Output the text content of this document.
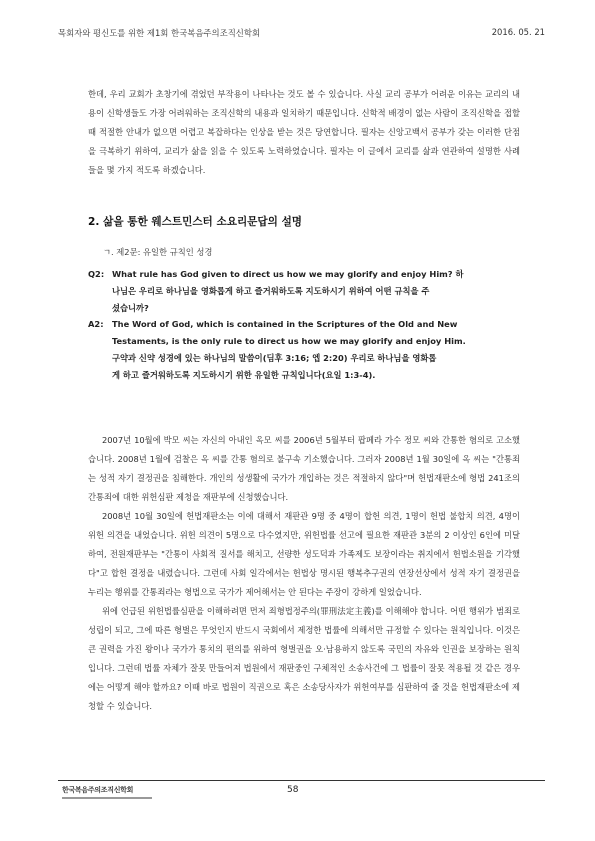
목회자와 평신도를 위한 제1회 한국복음주의조직신학회	2016. 05. 21

한데, 우리 교회가 초창기에 겪었던 부작용이 나타나는 것도 볼 수 있습니다. 사실 교리 공부가 어려운 이유는 교리의 내용이 신학생들도 가장 어려워하는 조직신학의 내용과 일치하기 때문입니다. 신학적 배경이 없는 사람이 조직신학을 접할 때 적절한 안내가 없으면 어렵고 복잡하다는 인상을 받는 것은 당연합니다. 필자는 신앙고백서 공부가 갖는 이러한 단점을 극복하기 위하여, 교리가 삶을 읽을 수 있도록 노력하였습니다. 필자는 이 글에서 교리를 삶과 연관하여 설명한 사례들을 몇 가지 적도록 하겠습니다.

2. 삶을 통한 웨스트민스터 소요리문답의 설명
ㄱ. 제2문: 유일한 규칙인 성경
Q2: What rule has God given to direct us how we may glorify and enjoy Him? 하
나님은 우리로 하나님을 영화롭게 하고 즐거워하도록 지도하시기 위하여 어떤 규칙을 주
셨습니까?
A2:	The Word of God, which is contained in the Scriptures of the Old and New
Testaments, is the only rule to direct us how we may glorify and enjoy Him.
구약과 신약 성경에 있는 하나님의 말씀이(딤후 3:16; 엡 2:20) 우리로 하나님을 영화롭
게 하고 즐거워하도록 지도하시기 위한 유일한 규칙입니다(요일 1:3-4).

2007년 10월에 박모 씨는 자신의 아내인 옥모 씨를 2006년 5월부터 팝페라 가수 정모 씨와 간통한 혐의로 고소했습니다. 2008년 1월에 검찰은 옥 씨를 간통 혐의로 불구속 기소했습니다. 그러자 2008년 1월 30일에 옥 씨는 "간통죄는 성적 자기 결정권을 침해한다. 개인의 성생활에 국가가 개입하는 것은 적절하지 않다"며 헌법재판소에 형법 241조의 간통죄에 대한 위헌심판 제청을 재판부에 신청했습니다.

2008년 10월 30일에 헌법재판소는 이에 대해서 재판관 9명 중 4명이 합헌 의견, 1명이 헌법 불합치 의견, 4명이 위헌 의견을 내었습니다. 위헌 의견이 5명으로 다수였지만, 위헌법률 선고에 필요한 재판관 3분의 2 이상인 6인에 미달하여, 전원재판부는 "간통이 사회적 질서를 해치고, 선량한 성도덕과 가족제도 보장이라는 취지에서 헌법소원을 기각했다"고 합헌 결정을 내렸습니다. 그런데 사회 일각에서는 헌법상 명시된 행복추구권의 연장선상에서 성적 자기 결정권을 누리는 행위를 간통죄라는 형법으로 국가가 제어해서는 안 된다는 주장이 강하게 일었습니다.

위에 언급된 위헌법률심판을 이해하려면 먼저 죄형법정주의(罪刑法定主義)를 이해해야 합니다. 어떤 행위가 범죄로 성립이 되고, 그에 따른 형벌은 무엇인지 반드시 국회에서 제정한 법률에 의해서만 규정할 수 있다는 원칙입니다. 이것은 큰 권력을 가진 왕이나 국가가 통치의 편의를 위하여 형벌권을 오·남용하지 않도록 국민의 자유와 인권을 보장하는 원칙입니다. 그런데 법률 자체가 잘못 만들어져 법원에서 재판중인 구체적인 소송사건에 그 법률이 잘못 적용될 것 같은 경우에는 어떻게 해야 할까요? 이때 바로 법원이 직권으로 혹은 소송당사자가 위헌여부를 심판하여 줄 것을 헌법재판소에 제청할 수 있습니다.

한국복음주의조직신학회	58
